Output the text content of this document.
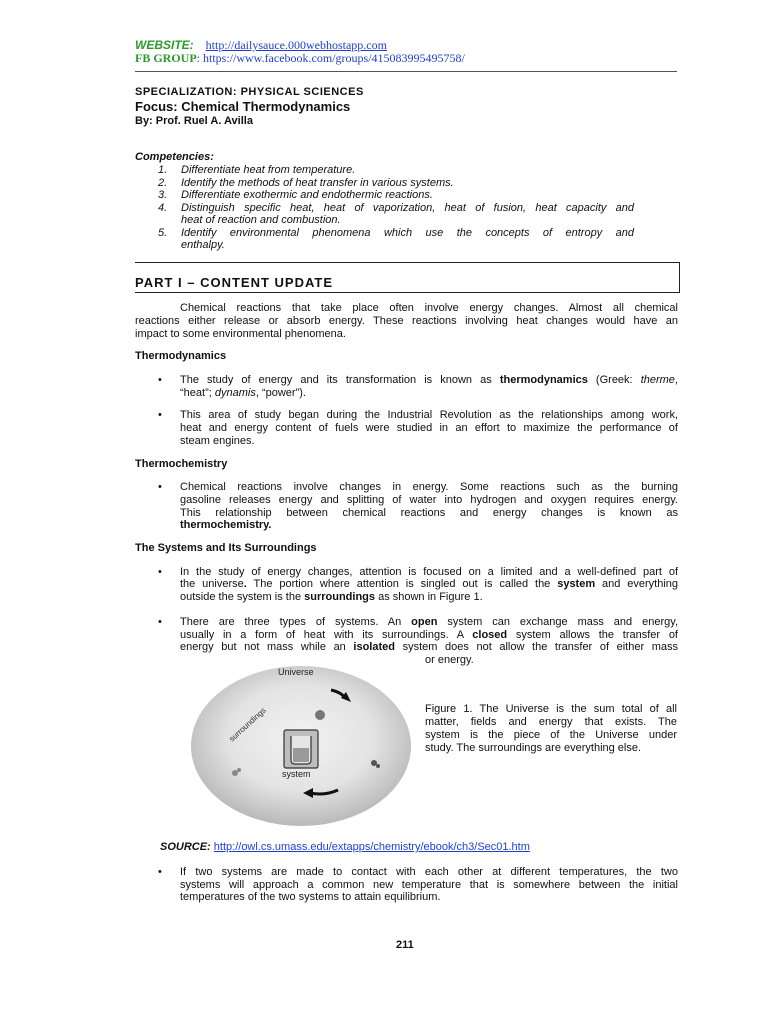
WEBSITE: http://dailysauce.000webhostapp.com
FB GROUP: https://www.facebook.com/groups/415083995495758/
SPECIALIZATION: PHYSICAL SCIENCES
Focus: Chemical Thermodynamics
By: Prof. Ruel A. Avilla
Competencies:
1. Differentiate heat from temperature.
2. Identify the methods of heat transfer in various systems.
3. Differentiate exothermic and endothermic reactions.
4. Distinguish specific heat, heat of vaporization, heat of fusion, heat capacity and
heat of reaction and combustion.
5. Identify environmental phenomena which use the concepts of entropy and
enthalpy.
PART I – CONTENT UPDATE
Chemical reactions that take place often involve energy changes. Almost all chemical
reactions either release or absorb energy. These reactions involving heat changes would have an
impact to some environmental phenomena.
Thermodynamics
• The study of energy and its transformation is known as thermodynamics (Greek: therme,
“heat”; dynamis, “power”).
• This area of study began during the Industrial Revolution as the relationships among work,
heat and energy content of fuels were studied in an effort to maximize the performance of
steam engines.
Thermochemistry
• Chemical reactions involve changes in energy. Some reactions such as the burning
gasoline releases energy and splitting of water into hydrogen and oxygen requires energy.
This relationship between chemical reactions and energy changes is known as
thermochemistry.
The Systems and Its Surroundings
• In the study of energy changes, attention is focused on a limited and a well-defined part of
the universe. The portion where attention is singled out is called the system and everything
outside the system is the surroundings as shown in Figure 1.
• There are three types of systems. An open system can exchange mass and energy,
usually in a form of heat with its surroundings. A closed system allows the transfer of
energy but not mass while an isolated system does not allow the transfer of either mass
or energy.
Universe
surroundings
system
Figure 1. The Universe is the sum total of all
matter, fields and energy that exists. The
system is the piece of the Universe under
study. The surroundings are everything else.
SOURCE: http://owl.cs.umass.edu/extapps/chemistry/ebook/ch3/Sec01.htm
• If two systems are made to contact with each other at different temperatures, the two
systems will approach a common new temperature that is somewhere between the initial
temperatures of the two systems to attain equilibrium.
211
